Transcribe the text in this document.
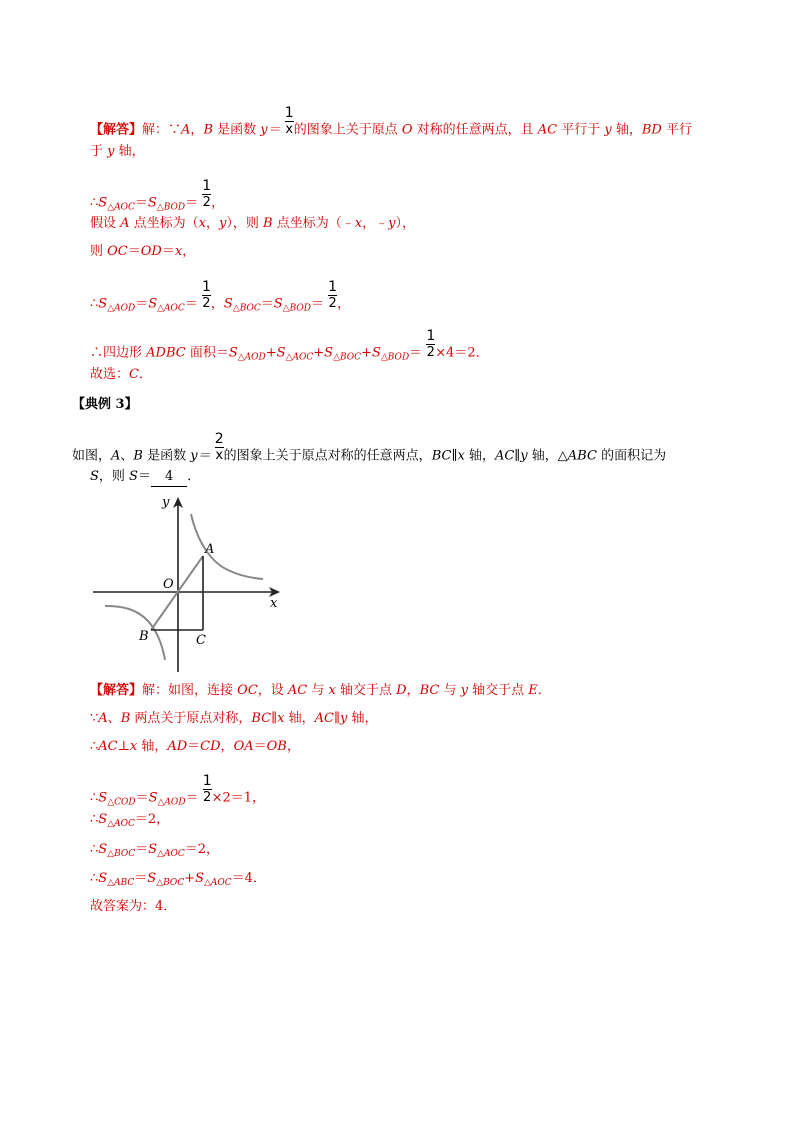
【解答】解：∵A，B 是函数 $y= \frac{1}{x}$ 的图象上关于原点 O 对称的任意两点，且 AC 平行于 y 轴，BD 平行
于 y 轴，
$\therefore S_{\triangle AOC}=S_{\triangle BOD}= \frac{1}{2}$ ，
假设 A 点坐标为（x，y），则 B 点坐标为（﹣x，﹣y），
则 OC＝OD＝x，
$\therefore S_{\triangle AOD}=S_{\triangle AOC}= \frac{1}{2}$ ，$S_{\triangle BOC}=S_{\triangle BOD}= \frac{1}{2}$ ，
∴四边形 ADBC 面积$=S_{\triangle AOD}+S_{\triangle AOC}+S_{\triangle BOC}+S_{\triangle BOD}= \frac{1}{2} \times 4=2$．
故选：C．
【典例 3】
如图，A、B 是函数 $y= \frac{2}{x}$ 的图象上关于原点对称的任意两点，BC∥x 轴，AC∥y 轴，△ABC 的面积记为
S，则 S＝ 4 ．
y
x
O
A
B	C
【解答】解：如图，连接 OC，设 AC 与 x 轴交于点 D，BC 与 y 轴交于点 E．
∵A、B 两点关于原点对称，BC∥x 轴，AC∥y 轴，
∴AC⊥x 轴，AD＝CD，OA＝OB，
$\therefore S_{\triangle COD}=S_{\triangle AOD}= \frac{1}{2} \times 2=1$，
$\therefore S_{\triangle AOC}=2$，
$\therefore S_{\triangle BOC}=S_{\triangle AOC}=2$，
$\therefore S_{\triangle ABC}=S_{\triangle BOC}+S_{\triangle AOC}=4$．
故答案为：4．
